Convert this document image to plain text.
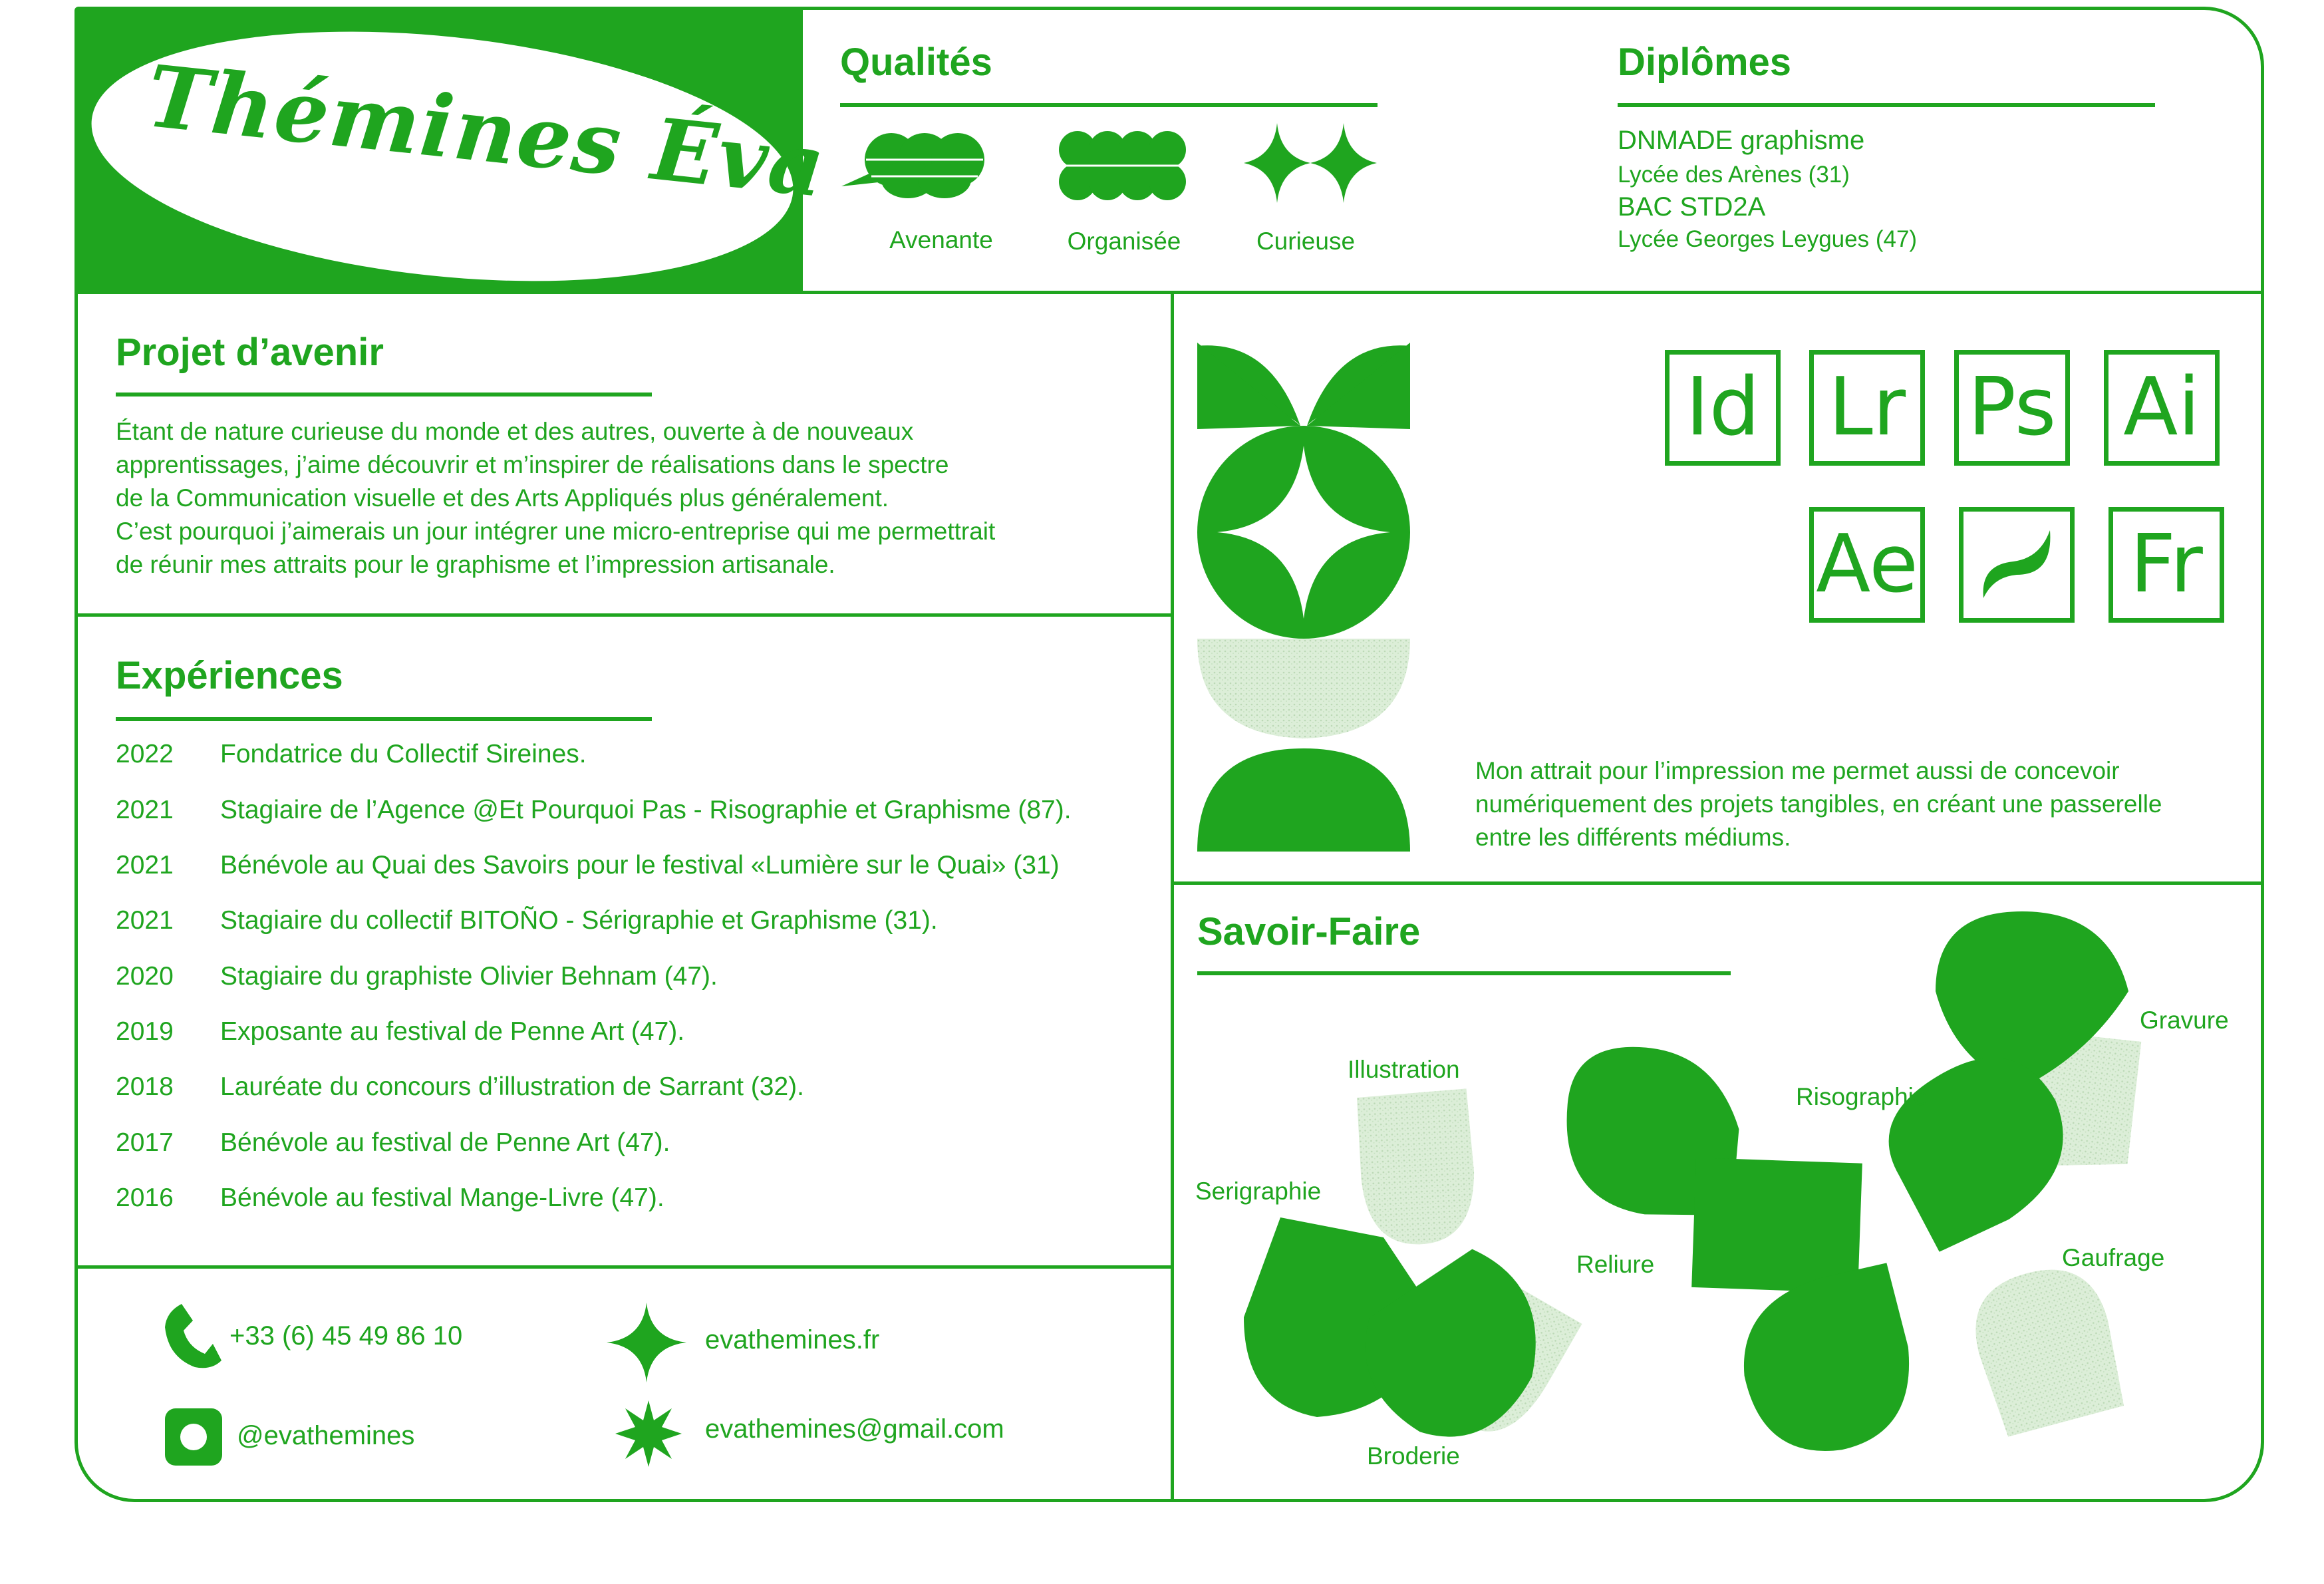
Thémines Éva Qualités
Avenante	Organisée	Curieuse
Diplômes
DNMADE graphisme
Lycée des Arènes (31)
BAC STD2A
Lycée Georges Leygues (47)
Projet d’avenir
Étant de nature curieuse du monde et des autres, ouverte à de nouveaux
apprentissages, j’aime découvrir et m’inspirer de réalisations dans le spectre
de la Communication visuelle et des Arts Appliqués plus généralement.
C’est pourquoi j’aimerais un jour intégrer une micro-entreprise qui me permettrait
de réunir mes attraits pour le graphisme et l’impression artisanale.
Expériences
2022 Fondatrice du Collectif Sireines.
2021 Stagiaire de l’Agence @Et Pourquoi Pas - Risographie et Graphisme (87).
2021 Bénévole au Quai des Savoirs pour le festival «Lumière sur le Quai» (31)
2021 Stagiaire du collectif BITOÑO - Sérigraphie et Graphisme (31).
2020 Stagiaire du graphiste Olivier Behnam (47).
2019 Exposante au festival de Penne Art (47).
2018 Lauréate du concours d’illustration de Sarrant (32).
2017 Bénévole au festival de Penne Art (47).
2016 Bénévole au festival Mange-Livre (47).
+33 (6) 45 49 86 10
@evathemines
evathemines.fr
evathemines@gmail.com
Id Lr Ps Ai
Ae	Fr
Mon attrait pour l’impression me permet aussi de concevoir
numériquement des projets tangibles, en créant une passerelle
entre les différents médiums.
Savoir-Faire
Illustration
Risographie
Gravure
Serigraphie
Reliure	Gaufrage
Broderie
